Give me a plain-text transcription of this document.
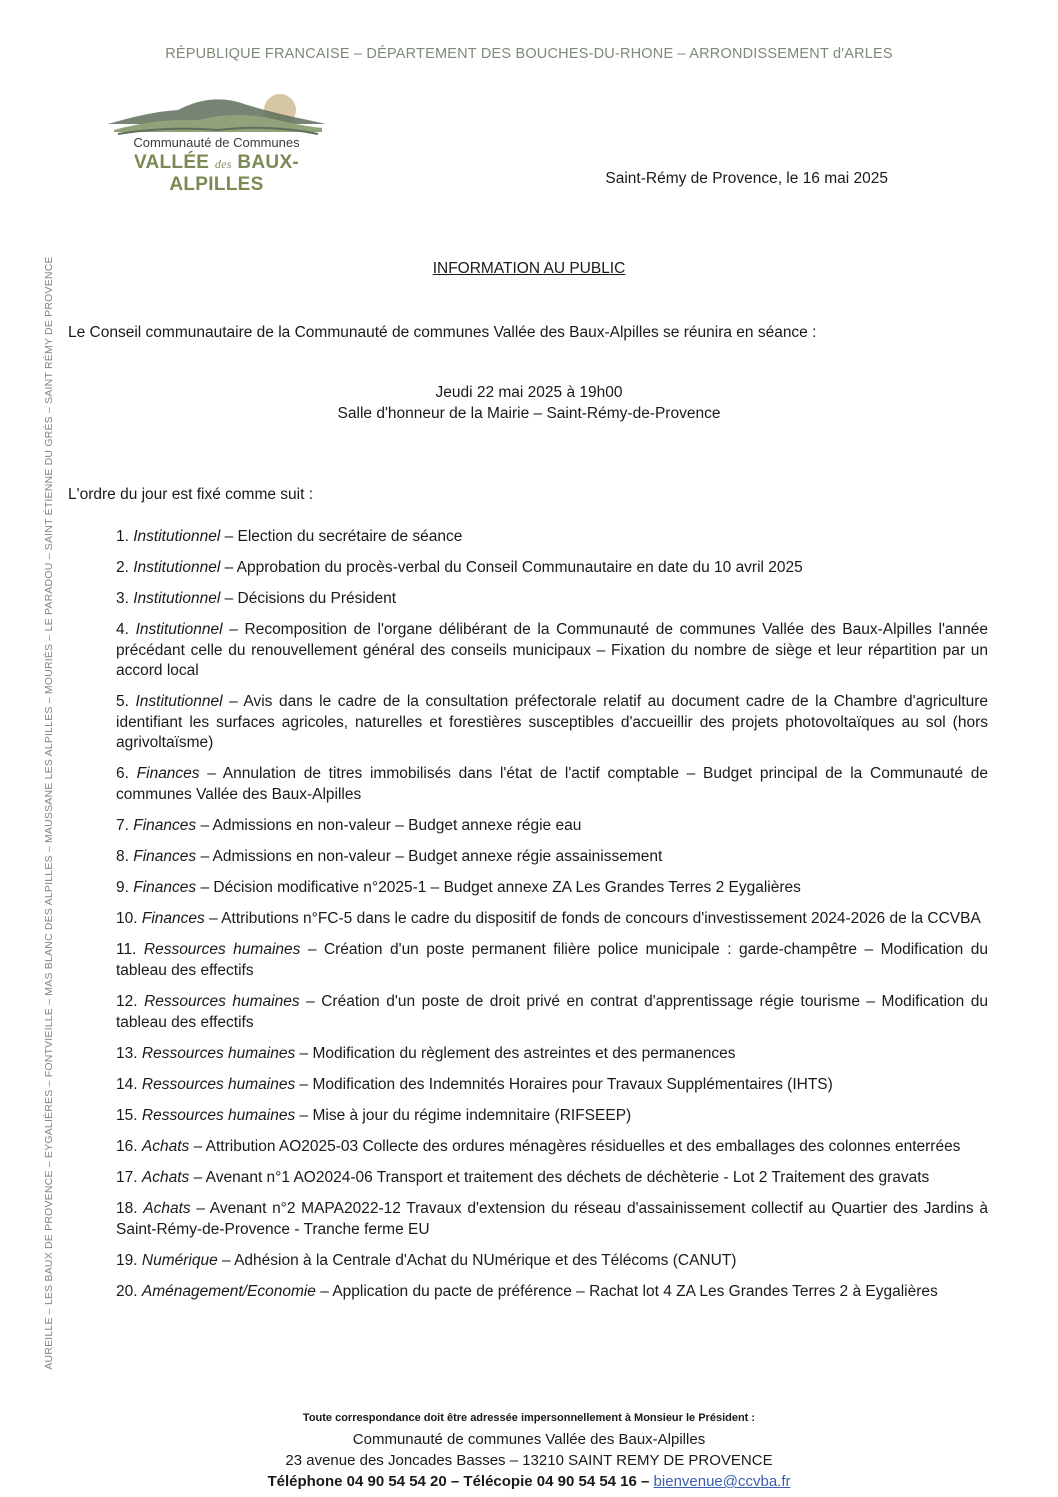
RÉPUBLIQUE FRANCAISE – DÉPARTEMENT DES BOUCHES-DU-RHONE – ARRONDISSEMENT d'ARLES
Communauté de Communes
VALLÉE des BAUX-ALPILLES	Saint-Rémy de Provence, le 16 mai 2025
AUREILLE – LES BAUX DE PROVENCE – EYGALIÈRES – FONTVIEILLE – MAS BLANC DES ALPILLES – MAUSSANE LES ALPILLES – MOURIÈS – LE PARADOU – SAINT ÉTIENNE DU GRÈS – SAINT RÉMY DE PROVENCE	INFORMATION AU PUBLIC
Le Conseil communautaire de la Communauté de communes Vallée des Baux-Alpilles se réunira en séance :
Jeudi 22 mai 2025 à 19h00
Salle d'honneur de la Mairie – Saint-Rémy-de-Provence
L'ordre du jour est fixé comme suit :
1. Institutionnel – Election du secrétaire de séance
2. Institutionnel – Approbation du procès-verbal du Conseil Communautaire en date du 10 avril 2025
3. Institutionnel – Décisions du Président
4. Institutionnel – Recomposition de l'organe délibérant de la Communauté de communes Vallée des Baux-Alpilles l'année précédant celle du renouvellement général des conseils municipaux – Fixation du nombre de siège et leur répartition par un accord local
5. Institutionnel – Avis dans le cadre de la consultation préfectorale relatif au document cadre de la Chambre d'agriculture identifiant les surfaces agricoles, naturelles et forestières susceptibles d'accueillir des projets photovoltaïques au sol (hors agrivoltaïsme)
6. Finances – Annulation de titres immobilisés dans l'état de l'actif comptable – Budget principal de la Communauté de communes Vallée des Baux-Alpilles
7. Finances – Admissions en non-valeur – Budget annexe régie eau
8. Finances – Admissions en non-valeur – Budget annexe régie assainissement
9. Finances – Décision modificative n°2025-1 – Budget annexe ZA Les Grandes Terres 2 Eygalières
10. Finances – Attributions n°FC-5 dans le cadre du dispositif de fonds de concours d'investissement 2024-2026 de la CCVBA
11. Ressources humaines – Création d'un poste permanent filière police municipale : garde-champêtre – Modification du tableau des effectifs
12. Ressources humaines – Création d'un poste de droit privé en contrat d'apprentissage régie tourisme – Modification du tableau des effectifs
13. Ressources humaines – Modification du règlement des astreintes et des permanences
14. Ressources humaines – Modification des Indemnités Horaires pour Travaux Supplémentaires (IHTS)
15. Ressources humaines – Mise à jour du régime indemnitaire (RIFSEEP)
16. Achats – Attribution AO2025-03 Collecte des ordures ménagères résiduelles et des emballages des colonnes enterrées
17. Achats – Avenant n°1 AO2024-06 Transport et traitement des déchets de déchèterie - Lot 2 Traitement des gravats
18. Achats – Avenant n°2 MAPA2022-12 Travaux d'extension du réseau d'assainissement collectif au Quartier des Jardins à Saint-Rémy-de-Provence - Tranche ferme EU
19. Numérique – Adhésion à la Centrale d'Achat du NUmérique et des Télécoms (CANUT)
20. Aménagement/Economie – Application du pacte de préférence – Rachat lot 4 ZA Les Grandes Terres 2 à Eygalières
Toute correspondance doit être adressée impersonnellement à Monsieur le Président :
Communauté de communes Vallée des Baux-Alpilles
23 avenue des Joncades Basses – 13210 SAINT REMY DE PROVENCE
Téléphone 04 90 54 54 20 – Télécopie 04 90 54 54 16 – bienvenue@ccvba.fr
